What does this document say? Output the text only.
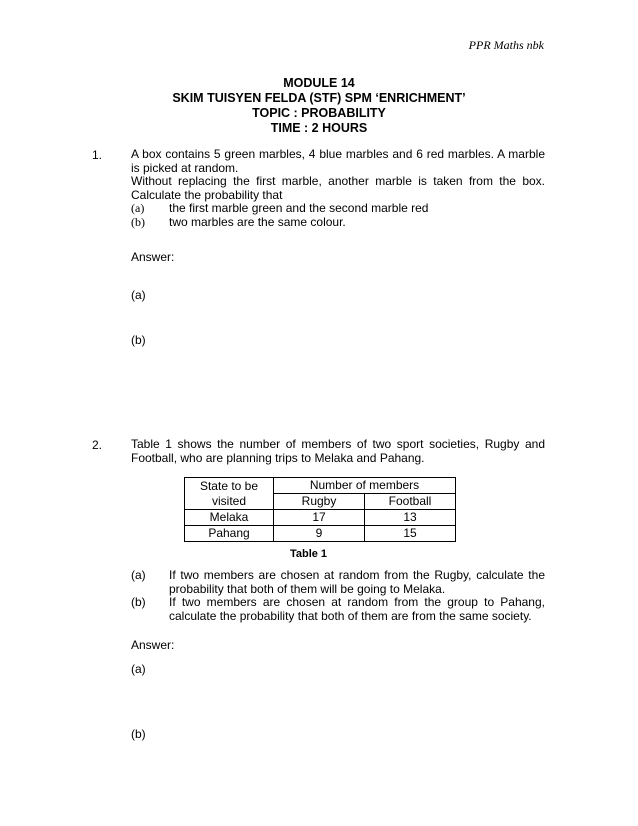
PPR Maths nbk
MODULE 14
SKIM TUISYEN FELDA (STF) SPM ‘ENRICHMENT’
TOPIC : PROBABILITY
TIME : 2 HOURS
1. A box contains 5 green marbles, 4 blue marbles and 6 red marbles. A marble is picked at random.

Without replacing the first marble, another marble is taken from the box. Calculate the probability that

(a)	the first marble green and the second marble red
(b)	two marbles are the same colour.
Answer:
(a)
(b)
2. Table 1 shows the number of members of two sport societies, Rugby and Football, who are planning trips to Melaka and Pahang.
State to be visited	Number of members	
	Rugby	Football
Melaka	17	13
Pahang	9	15
Table 1
(a)	If two members are chosen at random from the Rugby, calculate the probability that both of them will be going to Melaka.
(b)	If two members are chosen at random from the group to Pahang, calculate the probability that both of them are from the same society.
Answer:
(a)
(b)
